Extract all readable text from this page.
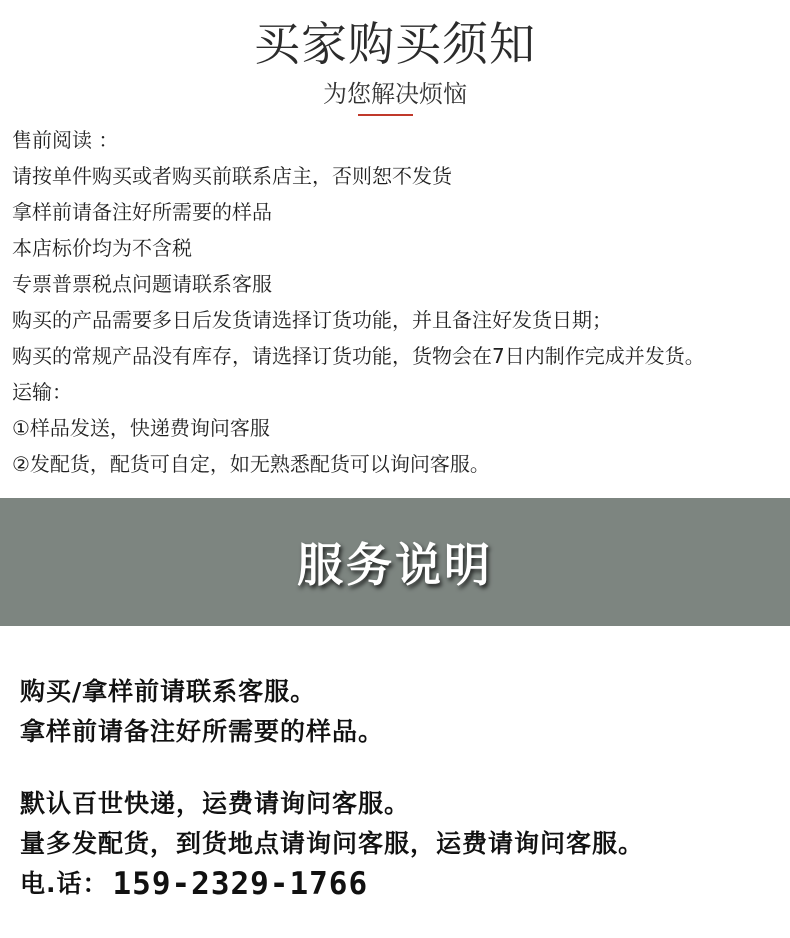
买家购买须知
为您解决烦恼
售前阅读 ：
请按单件购买或者购买前联系店主，否则恕不发货
拿样前请备注好所需要的样品
本店标价均为不含税
专票普票税点问题请联系客服
购买的产品需要多日后发货请选择订货功能，并且备注好发货日期；
购买的常规产品没有库存，请选择订货功能，货物会在7日内制作完成并发货。
运输：
①样品发送，快递费询问客服
②发配货，配货可自定，如无熟悉配货可以询问客服。
服务说明
购买/拿样前请联系客服。
拿样前请备注好所需要的样品。
默认百世快递，运费请询问客服。
量多发配货，到货地点请询问客服，运费请询问客服。
电.话： 159-2329-1766
